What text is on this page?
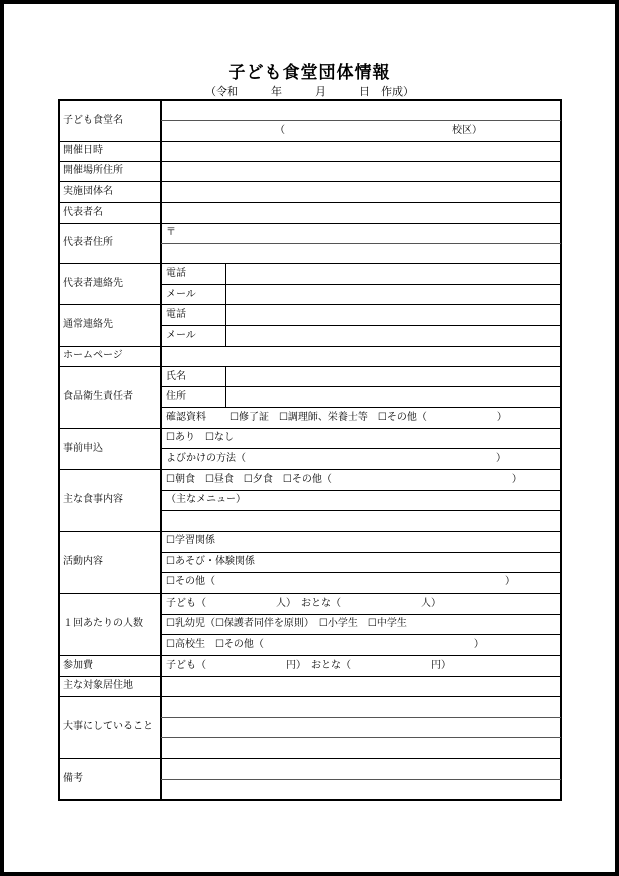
子ども食堂団体情報
（令和　　　年　　　月　　　日　作成）
子ども食堂名
開催日時
開催場所住所
実施団体名
代表者名
代表者住所
代表者連絡先
通常連絡先
ホームページ
食品衛生責任者
事前申込
主な食事内容
活動内容
１回あたりの人数
参加費
主な対象居住地
大事にしていること
備考
（	校区）
〒
電話
メール
電話
メール
氏名
住所
確認資料 ☐修了証　☐調理師、栄養士等　☐その他（　　　　　　　）
☐あり　☐なし
よびかけの方法（　　　　　　　　　　　　　　　　　　　　　　　　　）
☐朝食　☐昼食　☐夕食　☐その他（　　　　　　　　　　　　　　　　　　）
（主なメニュー）
☐学習関係
☐あそび・体験関係
☐その他（　　　　　　　　　　　　　　　　　　　　　　　　　　　　　）
子ども（　　　　　　　人）　おとな（　　　　　　　　人）
☐乳幼児（☐保護者同伴を原則）　☐小学生　☐中学生
☐高校生　☐その他（　　　　　　　　　　　　　　　　　　　　　）
子ども（　　　　　　　　円）　おとな（　　　　　　　　円）
